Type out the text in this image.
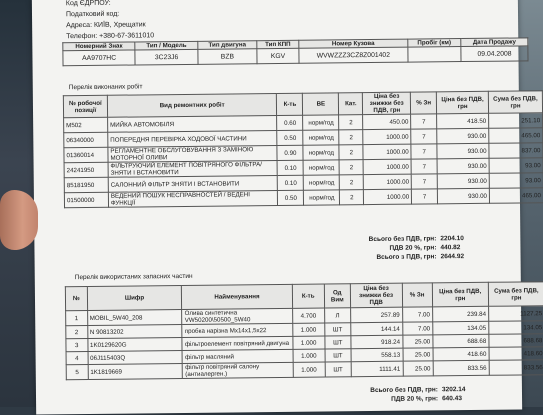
Код ЄДРПОУ:
Податковий код:
Адреса: КИЇВ, Хрещатик
Телефон: +380-67-3611010
Номерний Знак	Тип / Модель	Тип двигуна	Тип КПП	Номер Кузова	Пробіг (км)	Дата Продажу
AA9707HC	3C23J6	BZB	KGV	WVWZZZ3CZ8Z001402		09.04.2008
Перелік виконаних робіт
№ робочої позиції	Вид ремонтних робіт	К-ть	ВЕ	Кат.	Ціна без знижки без ПДВ, грн	% Зн	Ціна без ПДВ, грн	Сума без ПДВ, грн
M502	МИЙКА АВТОМОБІЛЯ	0.60	норм/год	2	450.00	7	418.50	251.10
06340000	ПОПЕРЕДНЯ ПЕРЕВІРКА ХОДОВОЇ ЧАСТИНИ	0.50	норм/год	2	1000.00	7	930.00	465.00
01360014	РЕГЛАМЕНТНЕ ОБСЛУГОВУВАННЯ З ЗАМІНОЮ МОТОРНОЇ ОЛИВИ	0.90	норм/год	2	1000.00	7	930.00	837.00
24241950	ФІЛЬТРУЮЧИЙ ЕЛЕМЕНТ ПОВІТРЯНОГО ФІЛЬТРА/ЗНЯТИ І ВСТАНОВИТИ	0.10	норм/год	2	1000.00	7	930.00	93.00
85181950	САЛОННИЙ ФІЛЬТР ЗНЯТИ І ВСТАНОВИТИ	0.10	норм/год	2	1000.00	7	930.00	93.00
01500000	ВЕДЕНИЙ ПОШУК НЕСПРАВНОСТЕЙ / ВЕДЕНІ ФУНКЦІЇ	0.50	норм/год	2	1000.00	7	930.00	465.00
Всього без ПДВ, грн: 2204.10
ПДВ 20 %, грн: 440.82
Всього з ПДВ, грн: 2644.92
Перелік використаних запасних частин
№	Шифр	Найменування	К-ть	Од Вим	Ціна без знижки без ПДВ	% Зн	Ціна без ПДВ, грн	Сума без ПДВ, грн
1	MOBIL_5W40_208	Олива синтетична VW50200\50500_5W40	4.700	Л	257.89	7.00	239.84	1127.25
2	N 90813202	пробка нарізна Мх14х1,5х22	1.000	ШТ	144.14	7.00	134.05	134.05
3	1K0129620G	фільтроелемент повітряний двигуна	1.000	ШТ	918.24	25.00	688.68	688.68
4	06J115403Q	фільтр масляний	1.000	ШТ	558.13	25.00	418.60	418.60
5	1K1819669	фільтр повітряний салону (антиалерген.)	1.000	ШТ	1111.41	25.00	833.56	833.56
Всього без ПДВ, грн: 3202.14
ПДВ 20 %, грн: 640.43
